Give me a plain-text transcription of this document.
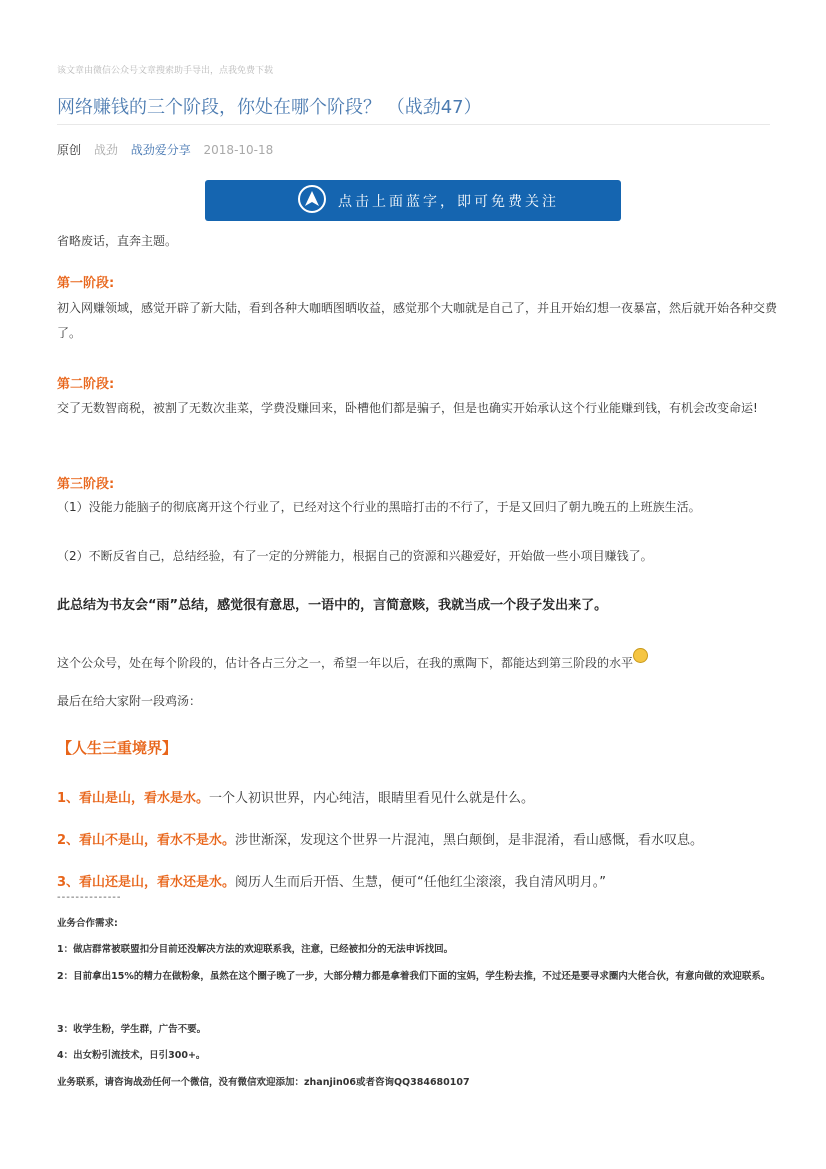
该文章由微信公众号文章搜索助手导出，点我免费下载
网络赚钱的三个阶段，你处在哪个阶段？ （战劲47）
原创 战劲 战劲爱分享 2018-10-18
点击上面蓝字，即可免费关注
省略废话，直奔主题。
第一阶段:
初入网赚领域，感觉开辟了新大陆，看到各种大咖晒图晒收益，感觉那个大咖就是自己了，并且开始幻想一夜暴富，然后就开始各种交费了。
第二阶段:
交了无数智商税，被割了无数次韭菜，学费没赚回来，卧槽他们都是骗子，但是也确实开始承认这个行业能赚到钱，有机会改变命运!
第三阶段:
（1）没能力能脑子的彻底离开这个行业了，已经对这个行业的黑暗打击的不行了，于是又回归了朝九晚五的上班族生活。
（2）不断反省自己，总结经验，有了一定的分辨能力，根据自己的资源和兴趣爱好，开始做一些小项目赚钱了。
此总结为书友会“雨”总结，感觉很有意思，一语中的，言简意赅，我就当成一个段子发出来了。
这个公众号，处在每个阶段的，估计各占三分之一，希望一年以后，在我的熏陶下，都能达到第三阶段的水平
最后在给大家附一段鸡汤：
【人生三重境界】
1、看山是山，看水是水。一个人初识世界，内心纯洁，眼睛里看见什么就是什么。
2、看山不是山，看水不是水。涉世渐深，发现这个世界一片混沌，黑白颠倒，是非混淆，看山感慨，看水叹息。
3、看山还是山，看水还是水。阅历人生而后开悟、生慧，便可“任他红尘滚滚，我自清风明月。”
--------------
业务合作需求:
1：做店群常被联盟扣分目前还没解决方法的欢迎联系我，注意，已经被扣分的无法申诉找回。
2：目前拿出15%的精力在做粉象，虽然在这个圈子晚了一步，大部分精力都是拿着我们下面的宝妈，学生粉去推，不过还是要寻求圈内大佬合伙，有意向做的欢迎联系。
3：收学生粉，学生群，广告不要。
4：出女粉引流技术，日引300+。
业务联系，请咨询战劲任何一个微信，没有微信欢迎添加：zhanjin06或者咨询QQ384680107
